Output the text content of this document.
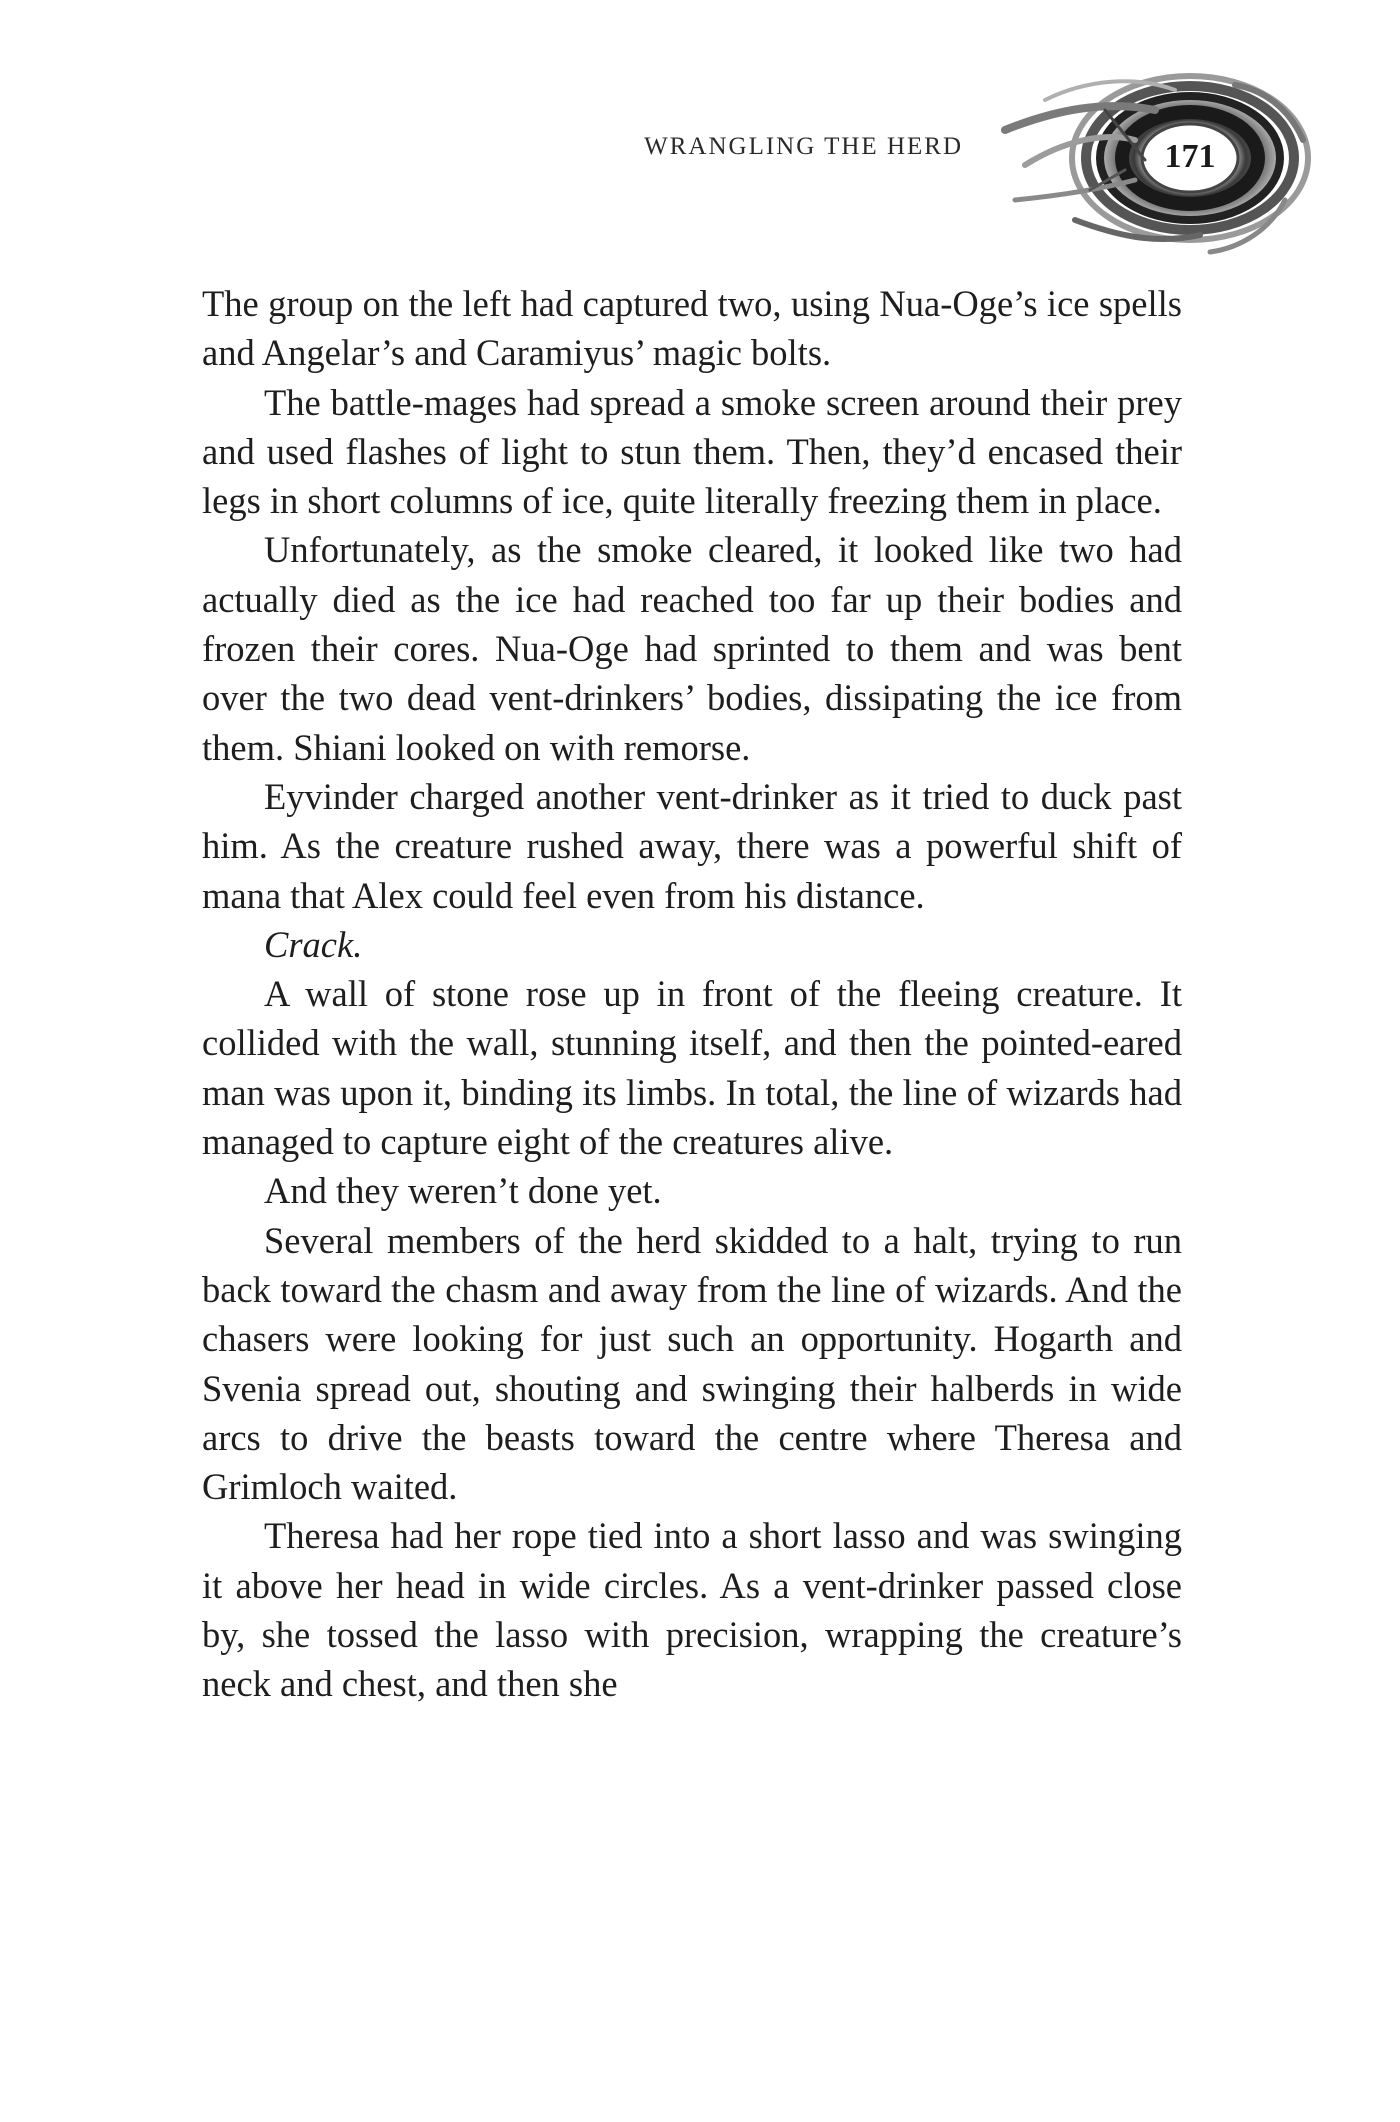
WRANGLING THE HERD	171

The group on the left had captured two, using Nua-Oge’s ice spells and Angelar’s and Caramiyus’ magic bolts.

The battle-mages had spread a smoke screen around their prey and used flashes of light to stun them. Then, they’d encased their legs in short columns of ice, quite literally freezing them in place.

Unfortunately, as the smoke cleared, it looked like two had actually died as the ice had reached too far up their bodies and frozen their cores. Nua-Oge had sprinted to them and was bent over the two dead vent-drinkers’ bodies, dissipating the ice from them. Shiani looked on with remorse.

Eyvinder charged another vent-drinker as it tried to duck past him. As the creature rushed away, there was a powerful shift of mana that Alex could feel even from his distance.

Crack.

A wall of stone rose up in front of the fleeing creature. It collided with the wall, stunning itself, and then the pointed-eared man was upon it, binding its limbs. In total, the line of wizards had managed to capture eight of the creatures alive.

And they weren’t done yet.

Several members of the herd skidded to a halt, trying to run back toward the chasm and away from the line of wizards. And the chasers were looking for just such an opportunity. Hogarth and Svenia spread out, shouting and swinging their halberds in wide arcs to drive the beasts toward the centre where Theresa and Grimloch waited.

Theresa had her rope tied into a short lasso and was swinging it above her head in wide circles. As a vent-drinker passed close by, she tossed the lasso with precision, wrapping the creature’s neck and chest, and then she
